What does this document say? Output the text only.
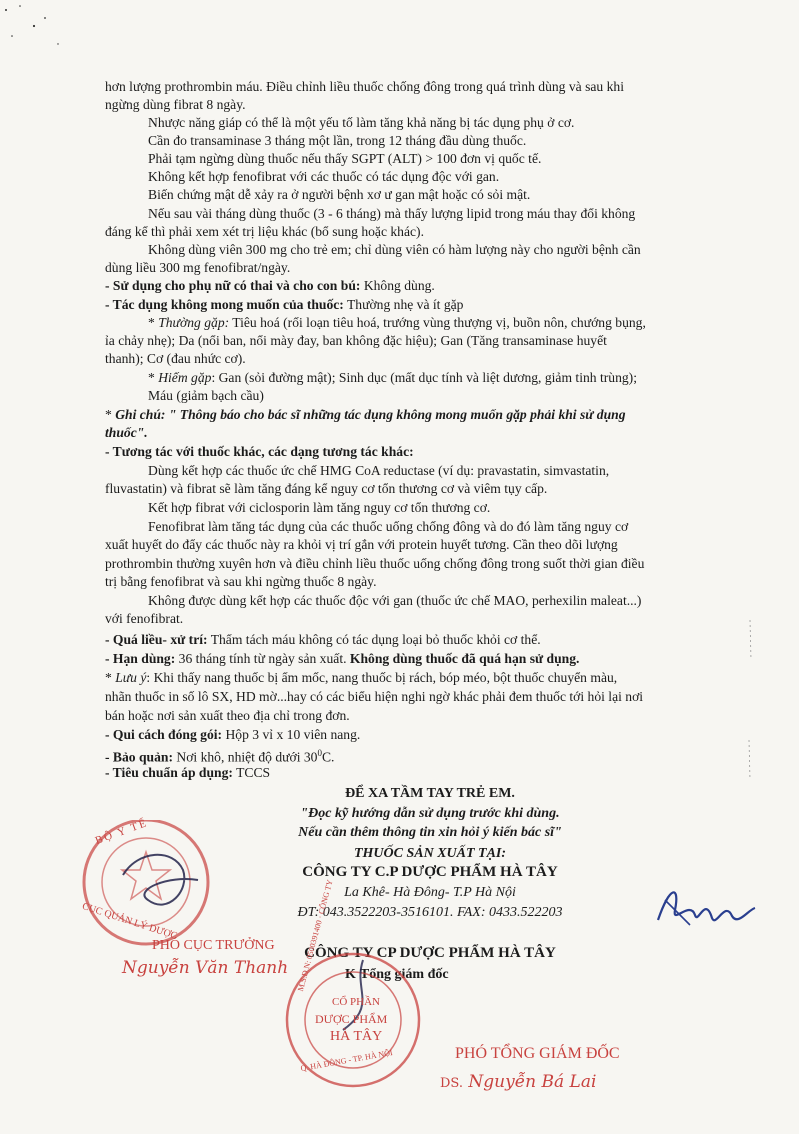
hơn lượng prothrombin máu. Điều chỉnh liều thuốc chống đông trong quá trình dùng và sau khi
ngừng dùng fibrat 8 ngày.
Nhược năng giáp có thể là một yếu tố làm tăng khả năng bị tác dụng phụ ở cơ.
Cần đo transaminase 3 tháng một lần, trong 12 tháng đầu dùng thuốc.
Phải tạm ngừng dùng thuốc nếu thấy SGPT (ALT) > 100 đơn vị quốc tế.
Không kết hợp fenofibrat với các thuốc có tác dụng độc với gan.
Biến chứng mật dễ xảy ra ở người bệnh xơ ư gan mật hoặc có sỏi mật.
Nếu sau vài tháng dùng thuốc (3 - 6 tháng) mà thấy lượng lipid trong máu thay đổi không
đáng kể thì phải xem xét trị liệu khác (bổ sung hoặc khác).
Không dùng viên 300 mg cho trẻ em; chỉ dùng viên có hàm lượng này cho người bệnh cần
dùng liều 300 mg fenofibrat/ngày.
- Sử dụng cho phụ nữ có thai và cho con bú: Không dùng.
- Tác dụng không mong muốn của thuốc: Thường nhẹ và ít gặp
* Thường gặp: Tiêu hoá (rối loạn tiêu hoá, trướng vùng thượng vị, buồn nôn, chướng bụng,
ỉa chảy nhẹ); Da (nổi ban, nổi mày đay, ban không đặc hiệu); Gan (Tăng transaminase huyết
thanh); Cơ (đau nhức cơ).
* Hiếm gặp: Gan (sỏi đường mật); Sinh dục (mất dục tính và liệt dương, giảm tinh trùng);
Máu (giảm bạch cầu)
* Ghi chú: " Thông báo cho bác sĩ những tác dụng không mong muốn gặp phải khi sử dụng
thuốc".
- Tương tác với thuốc khác, các dạng tương tác khác:
Dùng kết hợp các thuốc ức chế HMG CoA reductase (ví dụ: pravastatin, simvastatin,
fluvastatin) và fibrat sẽ làm tăng đáng kể nguy cơ tổn thương cơ và viêm tụy cấp.
Kết hợp fibrat với ciclosporin làm tăng nguy cơ tổn thương cơ.
Fenofibrat làm tăng tác dụng của các thuốc uống chống đông và do đó làm tăng nguy cơ
xuất huyết do đẩy các thuốc này ra khỏi vị trí gắn với protein huyết tương. Cần theo dõi lượng
prothrombin thường xuyên hơn và điều chỉnh liều thuốc uống chống đông trong suốt thời gian điều
trị bằng fenofibrat và sau khi ngừng thuốc 8 ngày.
Không được dùng kết hợp các thuốc độc với gan (thuốc ức chế MAO, perhexilin maleat...)
với fenofibrat.
- Quá liều- xử trí: Thẩm tách máu không có tác dụng loại bỏ thuốc khỏi cơ thể.
- Hạn dùng: 36 tháng tính từ ngày sản xuất. Không dùng thuốc đã quá hạn sử dụng.
* Lưu ý: Khi thấy nang thuốc bị ẩm mốc, nang thuốc bị rách, bóp méo, bột thuốc chuyển màu,
nhãn thuốc in số lô SX, HD mờ...hay có các biểu hiện nghi ngờ khác phải đem thuốc tới hỏi lại nơi
bán hoặc nơi sản xuất theo địa chỉ trong đơn.
- Qui cách đóng gói: Hộp 3 vỉ x 10 viên nang.
- Bảo quản: Nơi khô, nhiệt độ dưới $30^0C$.
- Tiêu chuẩn áp dụng: TCCS
ĐỂ XA TẦM TAY TRẺ EM.
"Đọc kỹ hướng dẫn sử dụng trước khi dùng.
Nếu cần thêm thông tin xin hỏi ý kiến bác sĩ"
THUỐC SẢN XUẤT TẠI:
CÔNG TY C.P DƯỢC PHẨM HÀ TÂY
La Khê- Hà Đông- T.P Hà Nội
ĐT: 043.3522203-3516101. FAX: 0433.522203
CÔNG TY CP DƯỢC PHẨM HÀ TÂY
K Tổng giám đốc
BỘ Y TẾ
CỤC QUẢN LÝ DƯỢC
PHÓ CỤC TRƯỞNG
Nguyễn Văn Thanh M.S.D.N: 0500391400 · CÔNG TY
CỔ PHẦN
DƯỢC PHẨM
HÀ TÂY
Q. HÀ ĐÔNG - TP. HÀ NỘI	PHÓ TỔNG GIÁM ĐỐC
DS. Nguyễn Bá Lai
